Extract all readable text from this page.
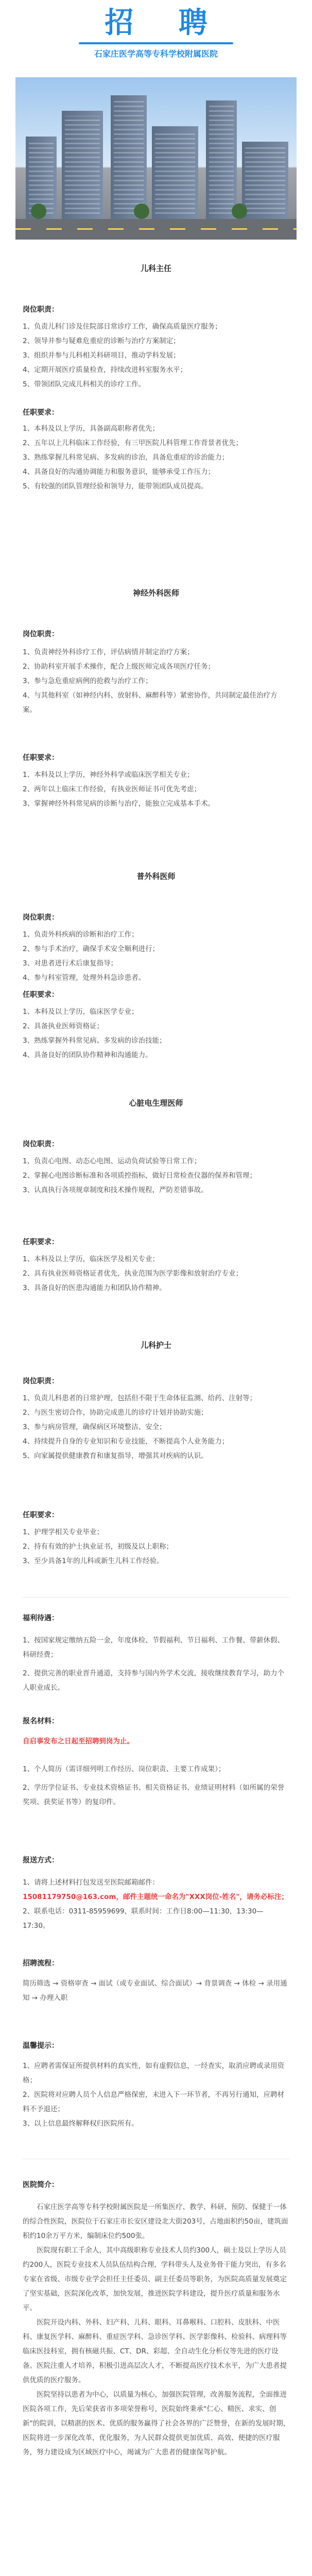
招 聘
石家庄医学高等专科学校附属医院
儿科主任
岗位职责：
1、负责儿科门诊及住院部日常诊疗工作，确保高质量医疗服务；
2、领导并参与疑难危重症的诊断与治疗方案制定；
3、组织并参与儿科相关科研项目，推动学科发展；
4、定期开展医疗质量检查，持续改进科室服务水平；
5、带领团队完成儿科相关的诊疗工作。
任职要求：
1、本科及以上学历，具备副高职称者优先；
2、五年以上儿科临床工作经验，有三甲医院儿科管理工作背景者优先；
3、熟练掌握儿科常见病、多发病的诊治，具备危重症的诊治能力；
4、具备良好的沟通协调能力和服务意识，能够承受工作压力；
5、有较强的团队管理经验和领导力，能带领团队成员提高。
神经外科医师
岗位职责：
1、负责神经外科诊疗工作，评估病情并制定治疗方案；
2、协助科室开展手术操作，配合上级医师完成各项医疗任务；
3、参与急危重症病例的抢救与治疗工作；
4、与其他科室（如神经内科、放射科、麻醉科等）紧密协作，共同制定最佳治疗方案。
任职要求：
1、本科及以上学历，神经外科学或临床医学相关专业；
2、两年以上临床工作经验，有执业医师证书可优先考虑；
3、掌握神经外科常见病的诊断与治疗，能独立完成基本手术。
普外科医师
岗位职责：
1、负责外科疾病的诊断和治疗工作；
2、参与手术治疗，确保手术安全顺利进行；
3、对患者进行术后康复指导；
4、参与科室管理，处理外科急诊患者。
任职要求：
1、本科及以上学历，临床医学专业；
2、具备执业医师资格证；
3、熟练掌握外科常见病、多发病的诊治技能；
4、具备良好的团队协作精神和沟通能力。
心脏电生理医师
岗位职责：
1、负责心电图、动态心电图、运动负荷试验等日常工作；
2、掌握心电图诊断标准和各项质控指标，做好日常检查仪器的保养和管理；
3、认真执行各项规章制度和技术操作规程，严防差错事故。
任职要求：
1、本科及以上学历，临床医学及相关专业；
2、具有执业医师资格证者优先，执业范围为医学影像和放射治疗专业；
3、具备良好的医患沟通能力和团队协作精神。
儿科护士
岗位职责：
1、负责儿科患者的日常护理，包括但不限于生命体征监测、给药、注射等；
2、与医生密切合作，协助完成患儿的诊疗计划并协助实施；
3、参与病房管理，确保病区环境整洁、安全；
4、持续提升自身的专业知识和专业技能，不断提高个人业务能力；
5、向家属提供健康教育和康复指导，增强其对疾病的认识。
任职要求：
1、护理学相关专业毕业；
2、持有有效的护士执业证书，初级及以上职称；
3、至少具备1年的儿科或新生儿科工作经验。
福利待遇：
1、按国家规定缴纳五险一金，年度体检、节假福利、节日福利、工作餐、带薪休假、科研经费；
2、提供完善的职业晋升通道，支持参与国内外学术交流，接收继续教育学习，助力个人职业成长。
报名材料：
自启事发布之日起至招聘到岗为止。
1、个人简历（需详细列明工作经历、岗位职责、主要工作成果）；
2、学历学位证书、专业技术资格证书、相关资格证书、业绩证明材料（如所属的荣誉奖项、获奖证书等）的复印件。
报送方式：
1、请将上述材料打包发送至医院邮箱邮件：
15081179750@163.com，邮件主题统一命名为"XXX岗位-姓名"，请务必标注；
2、联系电话：0311-85959699，联系时间：工作日8:00—11:30，13:30—17:30。
招聘流程：
简历筛选 → 资格审查 → 面试（或专业面试、综合面试）→ 背景调查 → 体检 → 录用通知 → 办理入职
温馨提示：
1、应聘者需保证所提供材料的真实性，如有虚假信息，一经查实，取消应聘或录用资格；
2、医院将对应聘人员个人信息严格保密，未进入下一环节者，不再另行通知，应聘材料不予退还；
3、以上信息最终解释权归医院所有。
医院简介：

石家庄医学高等专科学校附属医院是一所集医疗、教学、科研、预防、保健于一体的综合性医院，医院位于石家庄市长安区建设北大街203号，占地面积约50亩，建筑面积约10余万平方米，编制床位约500张。

医院现有职工千余人，其中高级职称专业技术人员约300人，硕士及以上学历人员约200人，医院专业技术人员队伍结构合理，学科带头人及业务骨干能力突出，有多名专家在省级、市级专业学会担任主任委员、副主任委员等职务，为医院高质量发展奠定了坚实基础，医院深化改革，加快发展，推进医院学科建设，提升医疗质量和服务水平。

医院开设内科、外科、妇产科、儿科、眼科、耳鼻喉科、口腔科、皮肤科、中医科、康复医学科、麻醉科、重症医学科、急诊医学科、医学影像科、检验科、病理科等临床医技科室，拥有核磁共振、CT、DR、彩超、全自动生化分析仪等先进的医疗设备。医院注重人才培养，积极引进高层次人才，不断提高医疗技术水平，为广大患者提供优质的医疗服务。

医院坚持以患者为中心，以质量为核心，加强医院管理，改善服务流程，全面推进医院各项工作，先后荣获省市多项荣誉称号，医院始终秉承"仁心、精医、求实、创新"的院训，以精湛的医术、优质的服务赢得了社会各界的广泛赞誉，在新的发展时期，医院将进一步深化改革，优化服务，为人民群众提供更加优质、高效、便捷的医疗服务，努力建设成为区域医疗中心，竭诚为广大患者的健康保驾护航。
